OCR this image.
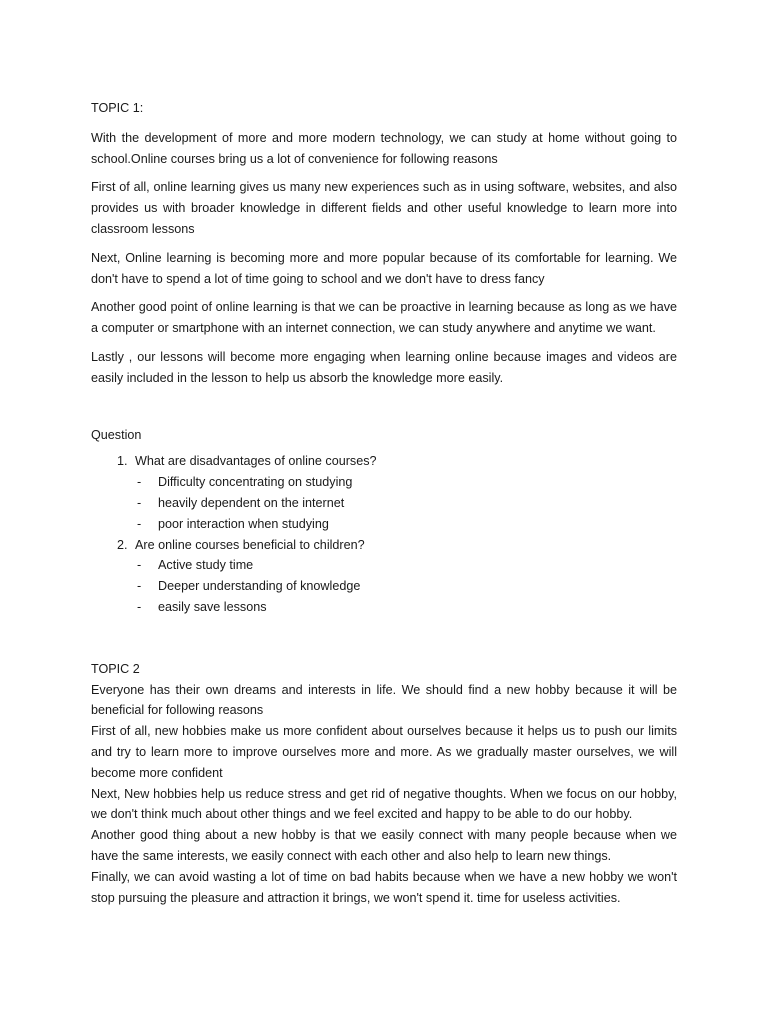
TOPIC 1:

With the development of more and more modern technology, we can study at home without going to school.Online courses bring us a lot of convenience for following reasons

First of all, online learning gives us many new experiences such as in using software, websites, and also provides us with broader knowledge in different fields and other useful knowledge to learn more into classroom lessons

Next, Online learning is becoming more and more popular because of its comfortable for learning. We don't have to spend a lot of time going to school and we don't have to dress fancy

Another good point of online learning is that we can be proactive in learning because as long as we have a computer or smartphone with an internet connection, we can study anywhere and anytime we want.

Lastly , our lessons will become more engaging when learning online because images and videos are easily included in the lesson to help us absorb the knowledge more easily.

Question
1. What are disadvantages of online courses?
- Difficulty concentrating on studying
- heavily dependent on the internet
- poor interaction when studying
2. Are online courses beneficial to children?
- Active study time
- Deeper understanding of knowledge
- easily save lessons
TOPIC 2

Everyone has their own dreams and interests in life. We should find a new hobby because it will be beneficial for following reasons

First of all, new hobbies make us more confident about ourselves because it helps us to push our limits and try to learn more to improve ourselves more and more. As we gradually master ourselves, we will become more confident

Next, New hobbies help us reduce stress and get rid of negative thoughts. When we focus on our hobby, we don't think much about other things and we feel excited and happy to be able to do our hobby.

Another good thing about a new hobby is that we easily connect with many people because when we have the same interests, we easily connect with each other and also help to learn new things.

Finally, we can avoid wasting a lot of time on bad habits because when we have a new hobby we won't stop pursuing the pleasure and attraction it brings, we won't spend it. time for useless activities.
